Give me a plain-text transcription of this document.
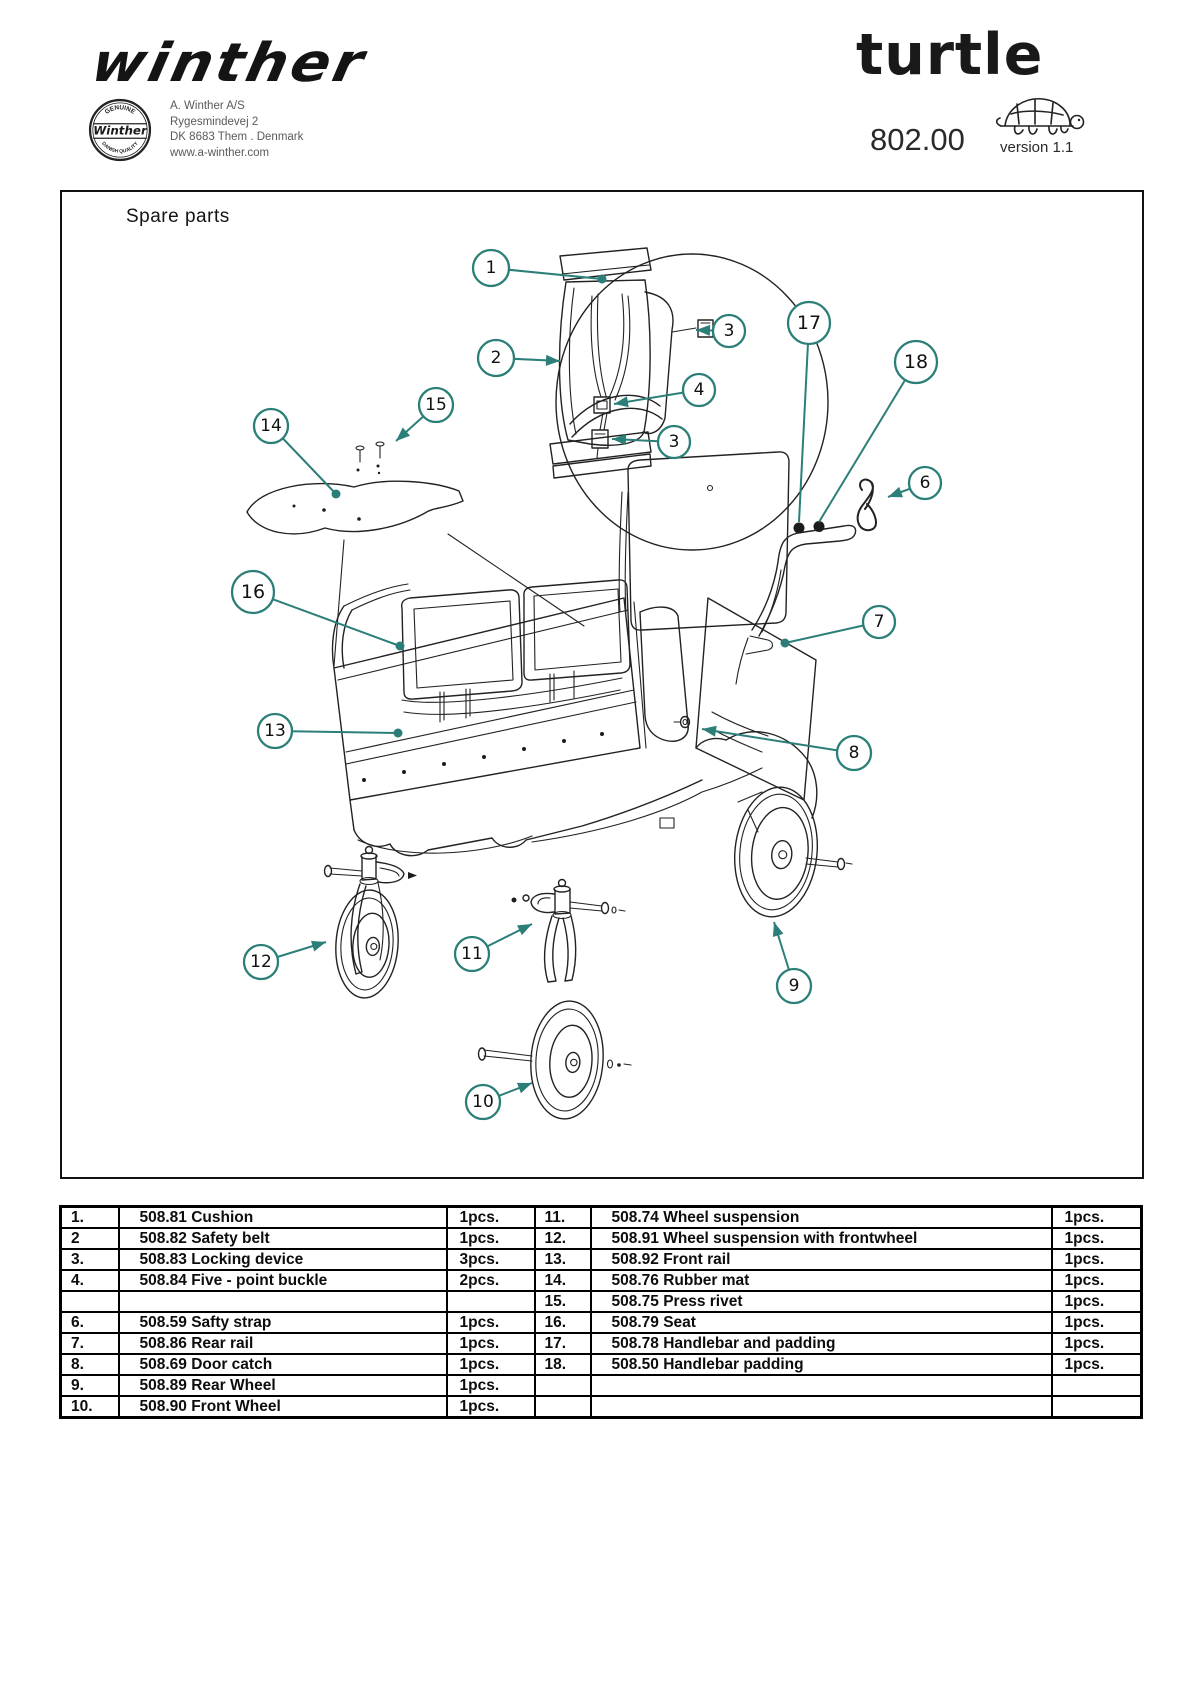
winther
GENUINE
DANISH QUALITY
Winther
A. Winther A/S
Rygesmindevej 2
DK 8683 Them . Denmark
www.a-winther.com
turtle
802.00 version 1.1
Spare parts
1
2
3
4
3
17
18
15
14
6
16
7
13
8
12	11
9
10
1.	508.81 Cushion	1pcs.	11.	508.74 Wheel suspension	1pcs.
2	508.82 Safety belt	1pcs.	12.	508.91 Wheel suspension with frontwheel	1pcs.
3.	508.83 Locking device	3pcs.	13.	508.92 Front rail	1pcs.
4.	508.84 Five - point buckle	2pcs.	14.	508.76 Rubber mat	1pcs.
			15.	508.75 Press rivet	1pcs.
6.	508.59 Safty strap	1pcs.	16.	508.79 Seat	1pcs.
7.	508.86 Rear rail	1pcs.	17.	508.78 Handlebar and padding	1pcs.
8.	508.69 Door catch	1pcs.	18.	508.50 Handlebar padding	1pcs.
9.	508.89 Rear Wheel	1pcs.			
10.	508.90 Front Wheel	1pcs.			
